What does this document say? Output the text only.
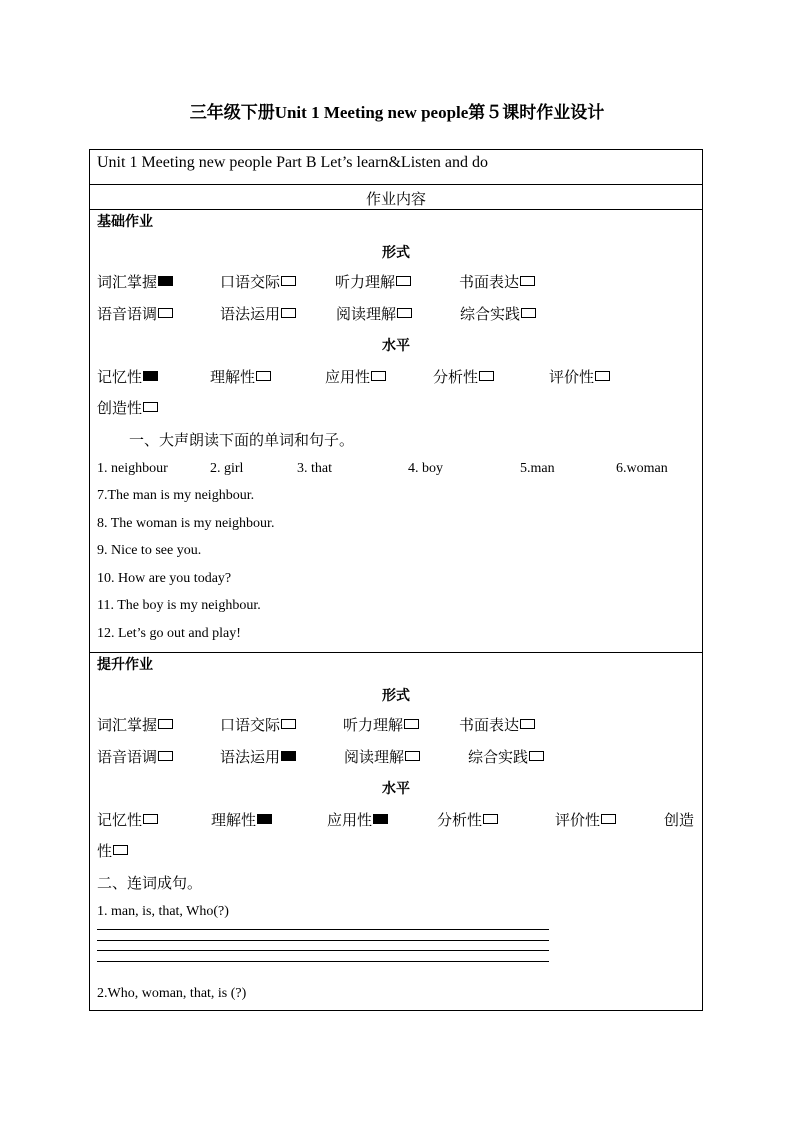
三年级下册Unit 1 Meeting new people第５课时作业设计
Unit 1 Meeting new people Part B Let’s learn&Listen and do
作业内容
基础作业
形式
词汇掌握	口语交际	听力理解	书面表达
语音语调	语法运用	阅读理解	综合实践
水平
记忆性	理解性	应用性	分析性	评价性
创造性
一、大声朗读下面的单词和句子。
1. neighbour	2. girl	3. that	4. boy	5.man	6.woman
7.The man is my neighbour.
8. The woman is my neighbour.
9. Nice to see you.
10. How are you today?
11. The boy is my neighbour.
12. Let’s go out and play!
提升作业
形式
词汇掌握	口语交际	听力理解	书面表达
语音语调	语法运用	阅读理解	综合实践
水平
记忆性	理解性	应用性	分析性	评价性	创造
性
二、连词成句。
1. man, is, that, Who(?)
2.Who, woman, that, is (?)
